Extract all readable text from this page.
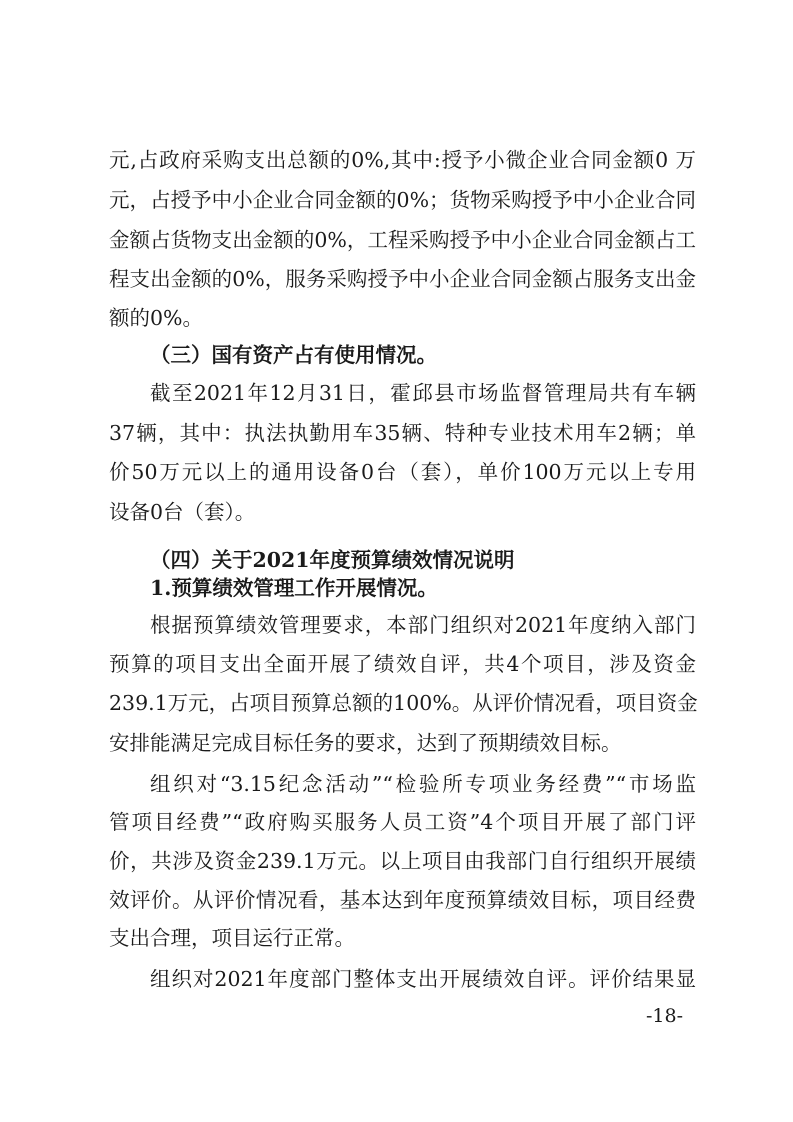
元,占政府采购支出总额的0%,其中:授予小微企业合同金额0 万
元，占授予中小企业合同金额的0%；货物采购授予中小企业合同
金额占货物支出金额的0%，工程采购授予中小企业合同金额占工
程支出金额的0%，服务采购授予中小企业合同金额占服务支出金
额的0%。
（三）国有资产占有使用情况。
截至2021年12月31日，霍邱县市场监督管理局共有车辆
37辆，其中：执法执勤用车35辆、特种专业技术用车2辆；单
价50万元以上的通用设备0台（套），单价100万元以上专用
设备0台（套）。
（四）关于2021年度预算绩效情况说明
1.预算绩效管理工作开展情况。
根据预算绩效管理要求，本部门组织对2021年度纳入部门
预算的项目支出全面开展了绩效自评，共4个项目，涉及资金
239.1万元，占项目预算总额的100%。从评价情况看，项目资金
安排能满足完成目标任务的要求，达到了预期绩效目标。
组织对“3.15纪念活动”“检验所专项业务经费”“市场监
管项目经费”“政府购买服务人员工资”4个项目开展了部门评
价，共涉及资金239.1万元。以上项目由我部门自行组织开展绩
效评价。从评价情况看，基本达到年度预算绩效目标，项目经费
支出合理，项目运行正常。
组织对2021年度部门整体支出开展绩效自评。评价结果显
-18-
